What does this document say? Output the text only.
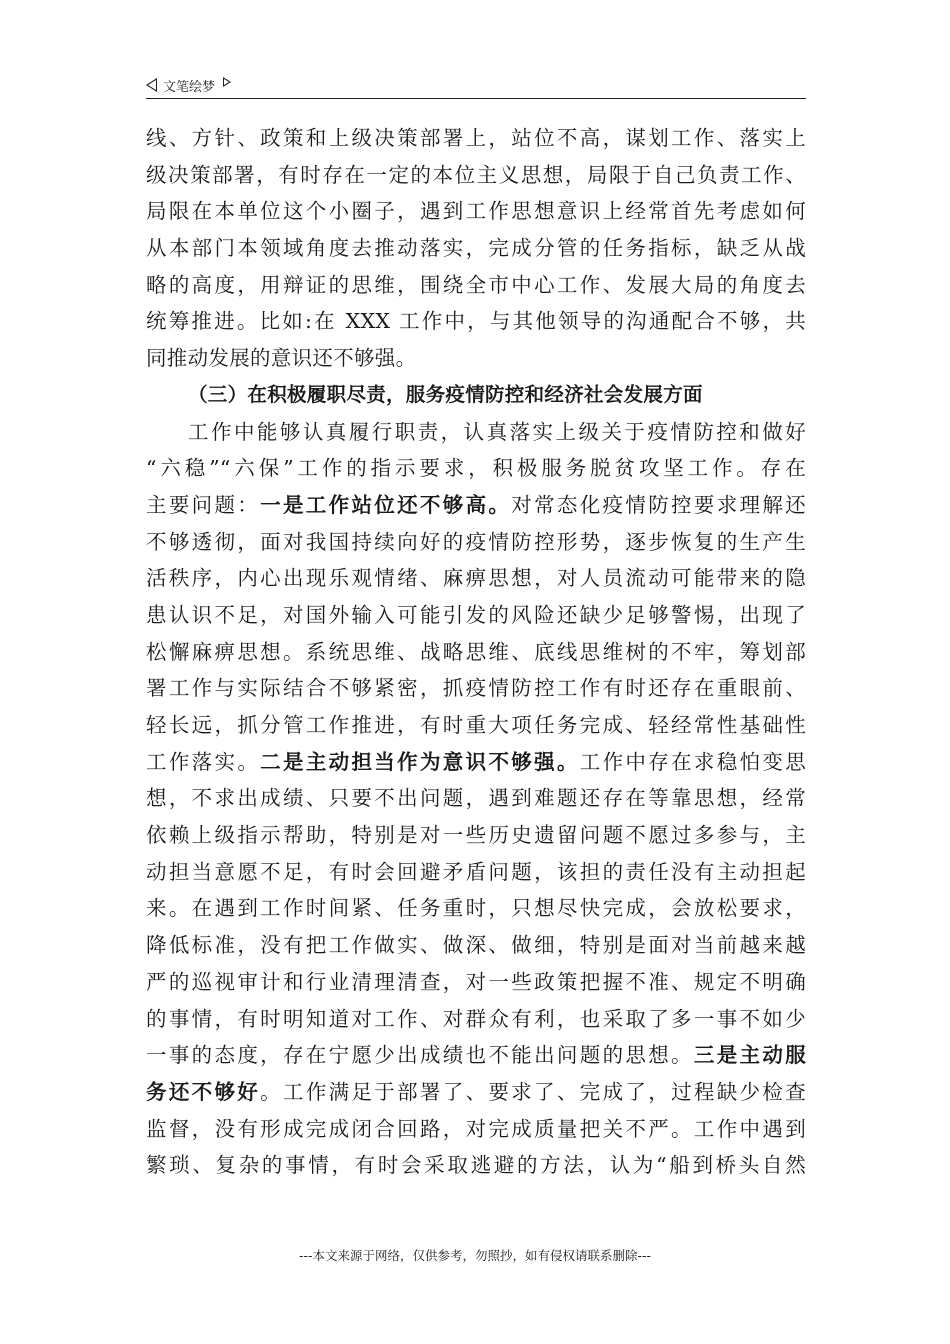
文笔绘梦
线、方针、政策和上级决策部署上，站位不高，谋划工作、落实上
级决策部署，有时存在一定的本位主义思想，局限于自己负责工作、
局限在本单位这个小圈子，遇到工作思想意识上经常首先考虑如何
从本部门本领域角度去推动落实，完成分管的任务指标，缺乏从战
略的高度，用辩证的思维，围绕全市中心工作、发展大局的角度去
统筹推进。比如:在 XXX 工作中，与其他领导的沟通配合不够，共
同推动发展的意识还不够强。
（三）在积极履职尽责，服务疫情防控和经济社会发展方面
工作中能够认真履行职责，认真落实上级关于疫情防控和做好
“六稳”“六保”工作的指示要求，积极服务脱贫攻坚工作。存在
主要问题：一是工作站位还不够高。对常态化疫情防控要求理解还
不够透彻，面对我国持续向好的疫情防控形势，逐步恢复的生产生
活秩序，内心出现乐观情绪、麻痹思想，对人员流动可能带来的隐
患认识不足，对国外输入可能引发的风险还缺少足够警惕，出现了
松懈麻痹思想。系统思维、战略思维、底线思维树的不牢，筹划部
署工作与实际结合不够紧密，抓疫情防控工作有时还存在重眼前、
轻长远，抓分管工作推进，有时重大项任务完成、轻经常性基础性
工作落实。二是主动担当作为意识不够强。工作中存在求稳怕变思
想，不求出成绩、只要不出问题，遇到难题还存在等靠思想，经常
依赖上级指示帮助，特别是对一些历史遗留问题不愿过多参与，主
动担当意愿不足，有时会回避矛盾问题，该担的责任没有主动担起
来。在遇到工作时间紧、任务重时，只想尽快完成，会放松要求，
降低标准，没有把工作做实、做深、做细，特别是面对当前越来越
严的巡视审计和行业清理清查，对一些政策把握不准、规定不明确
的事情，有时明知道对工作、对群众有利，也采取了多一事不如少
一事的态度，存在宁愿少出成绩也不能出问题的思想。三是主动服
务还不够好。工作满足于部署了、要求了、完成了，过程缺少检查
监督，没有形成完成闭合回路，对完成质量把关不严。工作中遇到
繁琐、复杂的事情，有时会采取逃避的方法，认为“船到桥头自然
---本文来源于网络，仅供参考，勿照抄，如有侵权请联系删除---
